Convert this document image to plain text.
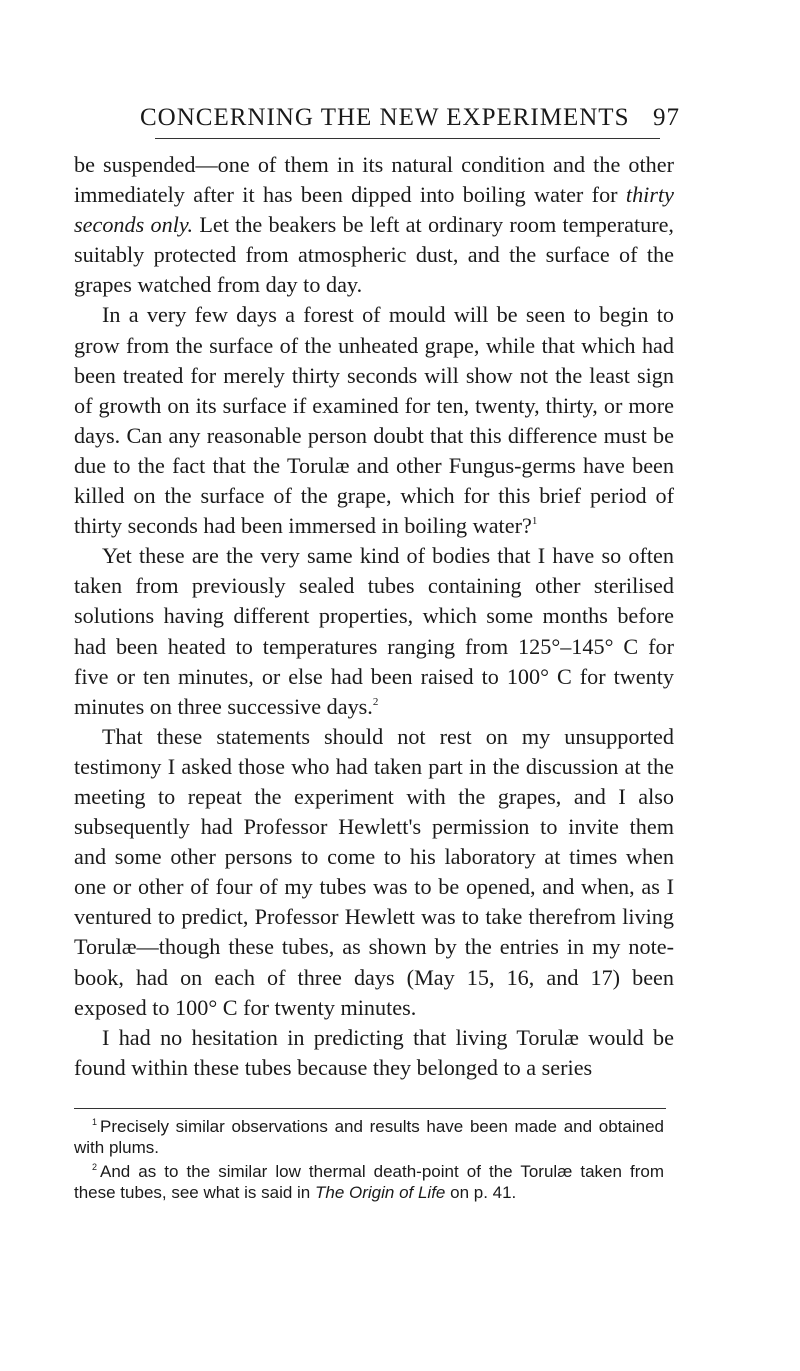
CONCERNING THE NEW EXPERIMENTS 97

be suspended—one of them in its natural condition and the other immediately after it has been dipped into boiling water for thirty seconds only. Let the beakers be left at ordinary room temperature, suitably protected from atmospheric dust, and the surface of the grapes watched from day to day.

In a very few days a forest of mould will be seen to begin to grow from the surface of the unheated grape, while that which had been treated for merely thirty seconds will show not the least sign of growth on its surface if examined for ten, twenty, thirty, or more days. Can any reasonable person doubt that this difference must be due to the fact that the Torulæ and other Fungus-germs have been killed on the surface of the grape, which for this brief period of thirty seconds had been immersed in boiling water?$^1$

Yet these are the very same kind of bodies that I have so often taken from previously sealed tubes containing other sterilised solutions having different properties, which some months before had been heated to temperatures ranging from 125°–145° C for five or ten minutes, or else had been raised to 100° C for twenty minutes on three successive days.$^2$

That these statements should not rest on my unsupported testimony I asked those who had taken part in the discussion at the meeting to repeat the experiment with the grapes, and I also subsequently had Professor Hewlett's permission to invite them and some other persons to come to his laboratory at times when one or other of four of my tubes was to be opened, and when, as I ventured to predict, Professor Hewlett was to take therefrom living Torulæ—though these tubes, as shown by the entries in my note-book, had on each of three days (May 15, 16, and 17) been exposed to 100° C for twenty minutes.

I had no hesitation in predicting that living Torulæ would be found within these tubes because they belonged to a series

$^1$ Precisely similar observations and results have been made and obtained with plums.

$^2$ And as to the similar low thermal death-point of the Torulæ taken from these tubes, see what is said in The Origin of Life on p. 41.
